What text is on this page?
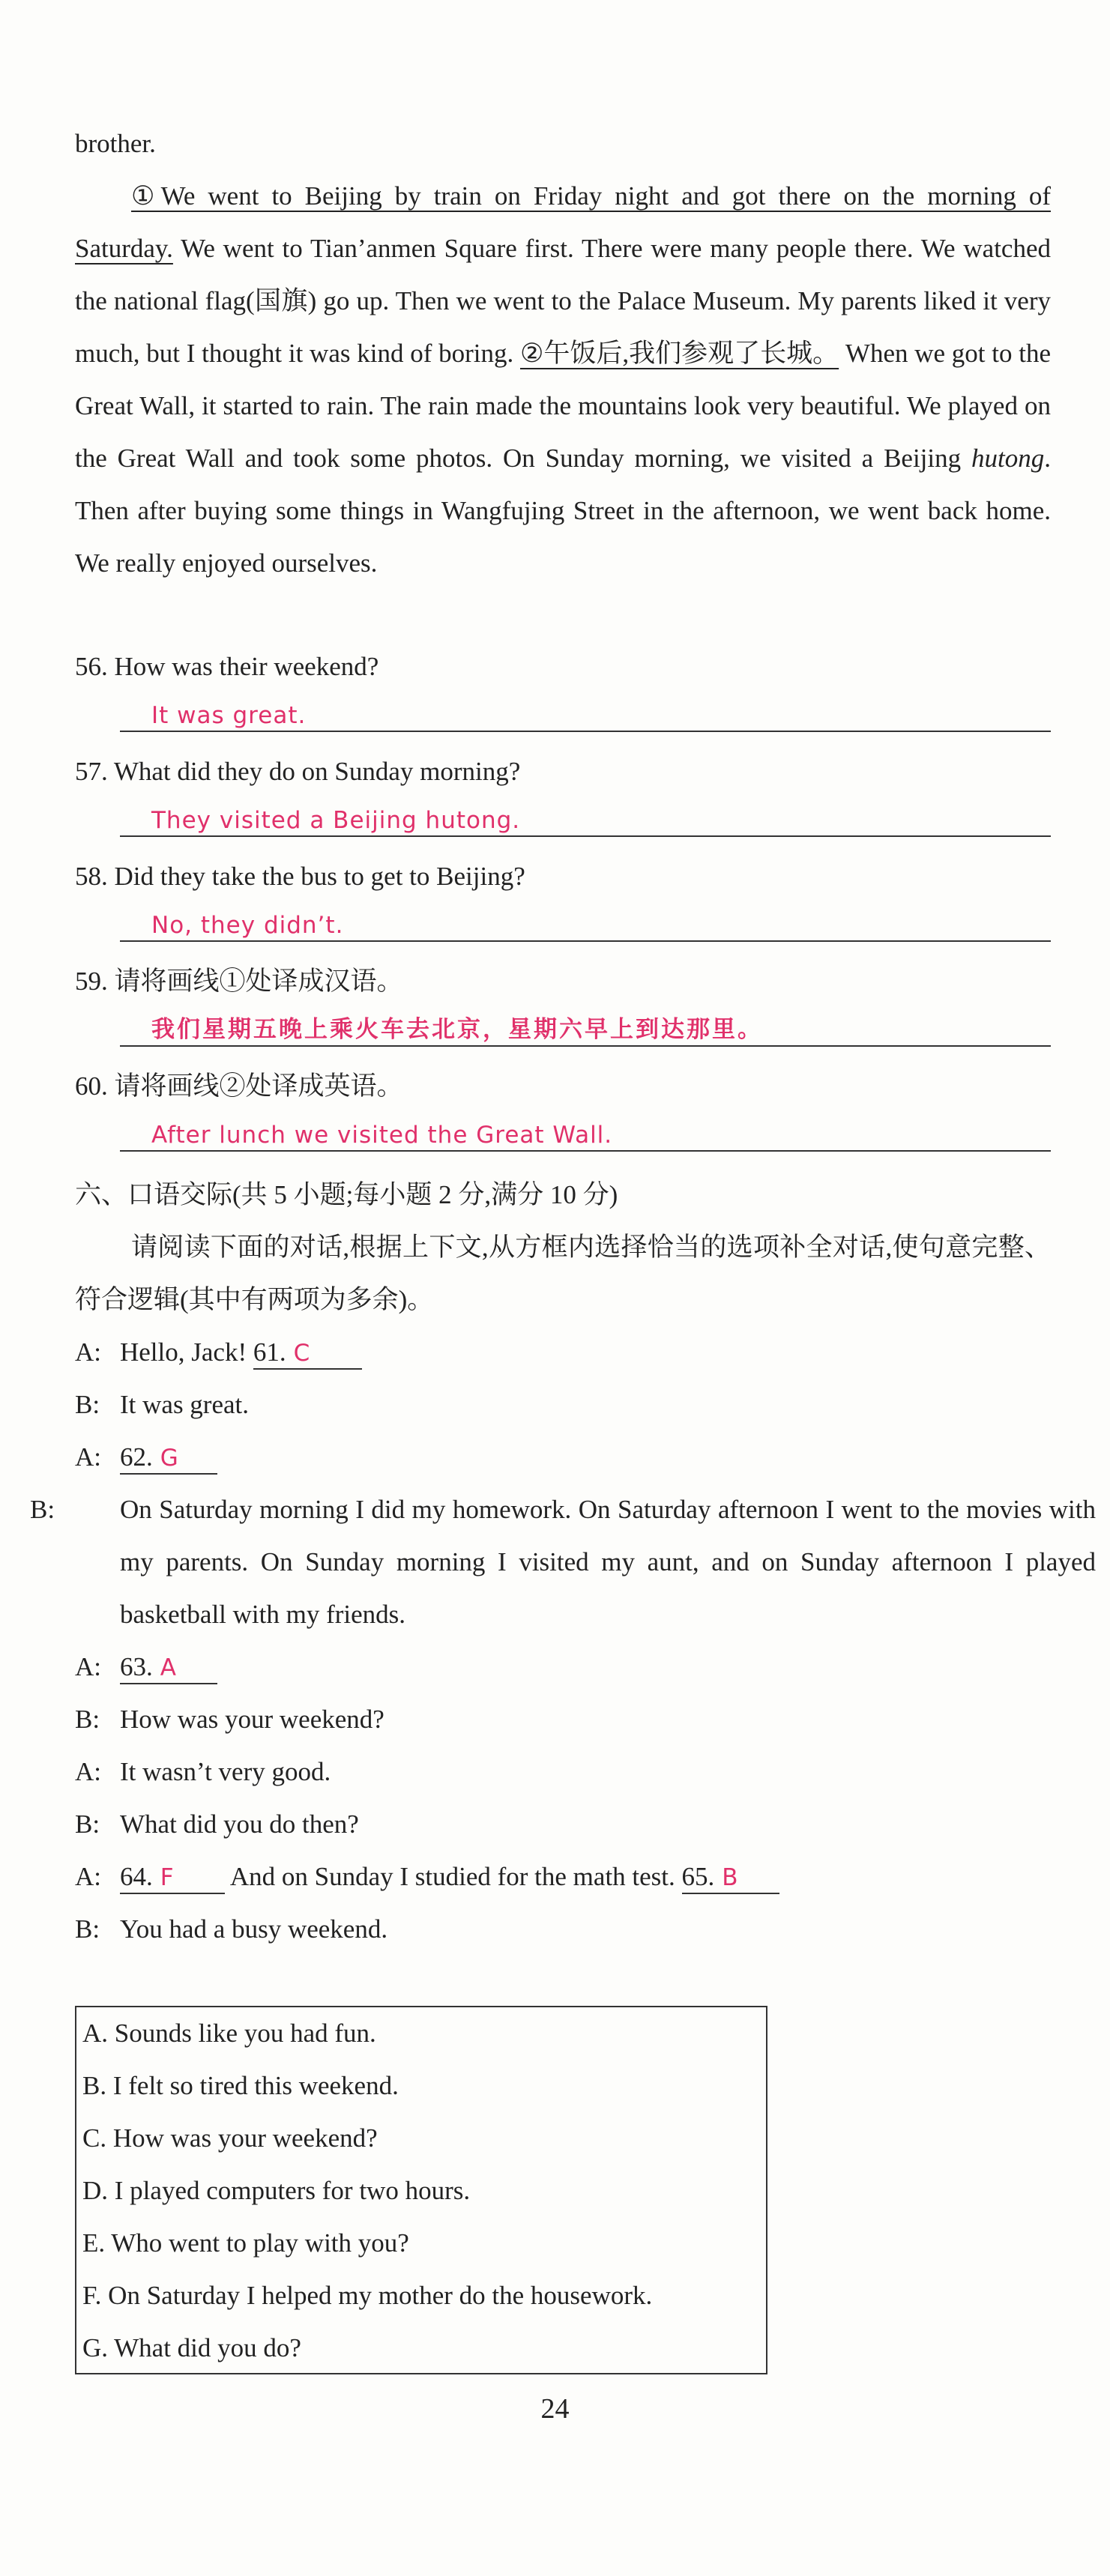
brother.
①We went to Beijing by train on Friday night and got there on the morning of Saturday. We went to Tian’anmen Square first. There were many people there. We watched the national flag(国旗) go up. Then we went to the Palace Museum. My parents liked it very much, but I thought it was kind of boring. ②午饭后,我们参观了长城。 When we got to the Great Wall, it started to rain. The rain made the mountains look very beautiful. We played on the Great Wall and took some photos. On Sunday morning, we visited a Beijing hutong. Then after buying some things in Wangfujing Street in the afternoon, we went back home. We really enjoyed ourselves.
56. How was their weekend?
It was great.
57. What did they do on Sunday morning?
They visited a Beijing hutong.
58. Did they take the bus to get to Beijing?
No, they didn’t.
59. 请将画线①处译成汉语。
我们星期五晚上乘火车去北京，星期六早上到达那里。
60. 请将画线②处译成英语。
After lunch we visited the Great Wall.
六、口语交际(共 5 小题;每小题 2 分,满分 10 分)
请阅读下面的对话,根据上下文,从方框内选择恰当的选项补全对话,使句意完整、符合逻辑(其中有两项为多余)。
A: Hello, Jack! 61. C
B: It was great.
A: 62. G
B: On Saturday morning I did my homework. On Saturday afternoon I went to the movies with my parents. On Sunday morning I visited my aunt, and on Sunday afternoon I played basketball with my friends.
A: 63. A
B: How was your weekend?
A: It wasn’t very good.
B: What did you do then?
A: 64. F And on Sunday I studied for the math test. 65. B
B: You had a busy weekend.
A. Sounds like you had fun.
B. I felt so tired this weekend.
C. How was your weekend?
D. I played computers for two hours.
E. Who went to play with you?
F. On Saturday I helped my mother do the housework.
G. What did you do?
24
